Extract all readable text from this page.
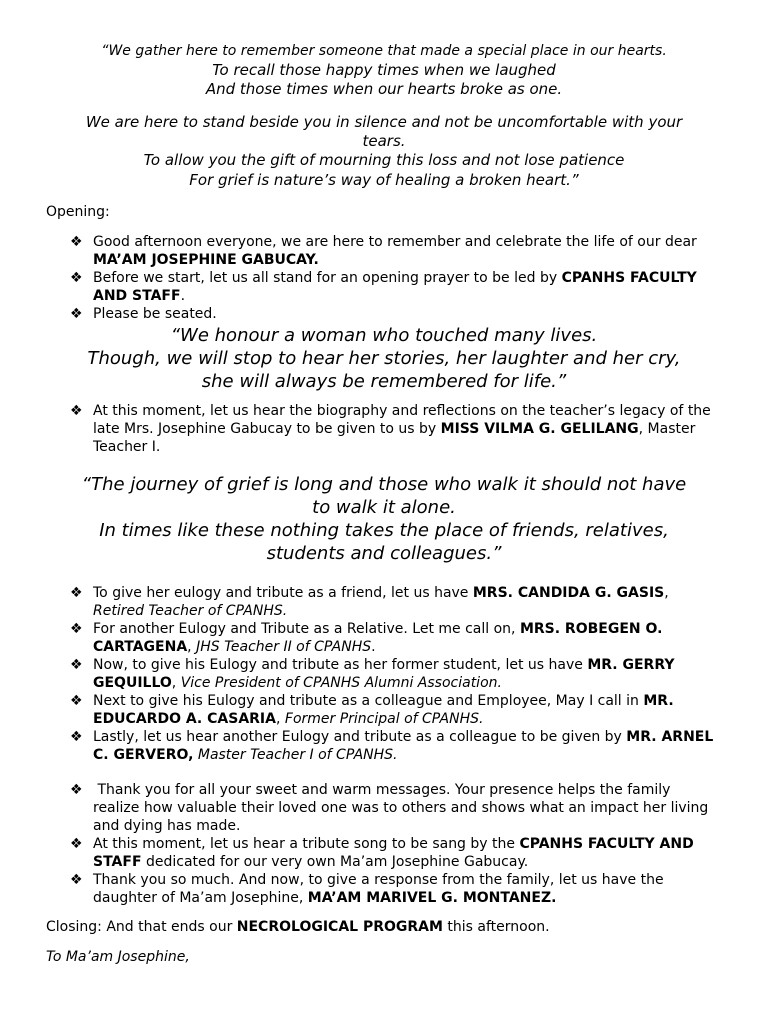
“We gather here to remember someone that made a special place in our hearts.
To recall those happy times when we laughed
And those times when our hearts broke as one.
We are here to stand beside you in silence and not be uncomfortable with your
tears.
To allow you the gift of mourning this loss and not lose patience
For grief is nature’s way of healing a broken heart.”
Opening:
❖ Good afternoon everyone, we are here to remember and celebrate the life of our dear
MA’AM JOSEPHINE GABUCAY.
❖ Before we start, let us all stand for an opening prayer to be led by CPANHS FACULTY
AND STAFF.
❖ Please be seated.
“We honour a woman who touched many lives.
Though, we will stop to hear her stories, her laughter and her cry,
she will always be remembered for life.”
❖ At this moment, let us hear the biography and reflections on the teacher’s legacy of the
late Mrs. Josephine Gabucay to be given to us by MISS VILMA G. GELILANG, Master
Teacher I.
“The journey of grief is long and those who walk it should not have
to walk it alone.
In times like these nothing takes the place of friends, relatives,
students and colleagues.”
❖ To give her eulogy and tribute as a friend, let us have MRS. CANDIDA G. GASIS,
Retired Teacher of CPANHS.
❖ For another Eulogy and Tribute as a Relative. Let me call on, MRS. ROBEGEN O.
CARTAGENA, JHS Teacher II of CPANHS.
❖ Now, to give his Eulogy and tribute as her former student, let us have MR. GERRY
GEQUILLO, Vice President of CPANHS Alumni Association.
❖ Next to give his Eulogy and tribute as a colleague and Employee, May I call in MR.
EDUCARDO A. CASARIA, Former Principal of CPANHS.
❖ Lastly, let us hear another Eulogy and tribute as a colleague to be given by MR. ARNEL
C. GERVERO, Master Teacher I of CPANHS.
❖ Thank you for all your sweet and warm messages. Your presence helps the family
realize how valuable their loved one was to others and shows what an impact her living
and dying has made.
❖ At this moment, let us hear a tribute song to be sang by the CPANHS FACULTY AND
STAFF dedicated for our very own Ma’am Josephine Gabucay.
❖ Thank you so much. And now, to give a response from the family, let us have the
daughter of Ma’am Josephine, MA’AM MARIVEL G. MONTANEZ.
Closing: And that ends our NECROLOGICAL PROGRAM this afternoon.
To Ma’am Josephine,
